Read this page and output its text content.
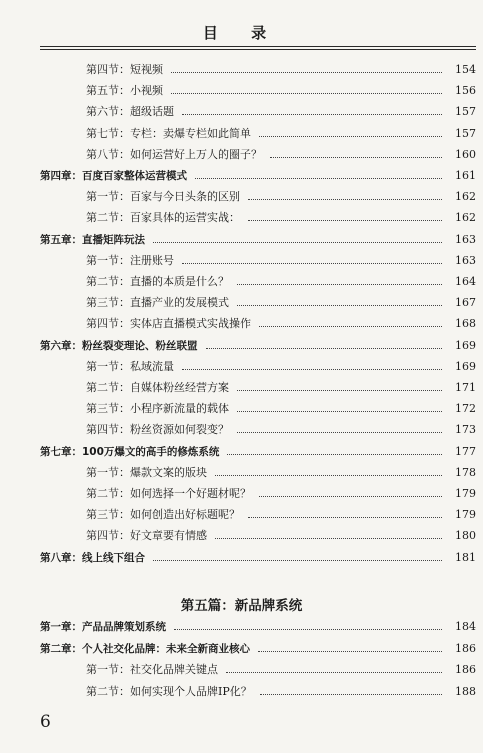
目 录
第四节：短视频	154
第五节：小视频	156
第六节：超级话题	157
第七节：专栏：卖爆专栏如此简单	157
第八节：如何运营好上万人的圈子？	160
第四章：百度百家整体运营模式	161
第一节：百家与今日头条的区别	162
第二节：百家具体的运营实战：	162
第五章：直播矩阵玩法	163
第一节：注册账号	163
第二节：直播的本质是什么？	164
第三节：直播产业的发展模式	167
第四节：实体店直播模式实战操作	168
第六章：粉丝裂变理论、粉丝联盟	169
第一节：私域流量	169
第二节：自媒体粉丝经营方案	171
第三节：小程序新流量的载体	172
第四节：粉丝资源如何裂变？	173
第七章：100万爆文的高手的修炼系统	177
第一节：爆款文案的版块	178
第二节：如何选择一个好题材呢？	179
第三节：如何创造出好标题呢？	179
第四节：好文章要有情感	180
第八章：线上线下组合	181
第五篇：新品牌系统
第一章：产品品牌策划系统	184
第二章：个人社交化品牌：未来全新商业核心	186
第一节：社交化品牌关键点	186
第二节：如何实现个人品牌IP化？	188
6
